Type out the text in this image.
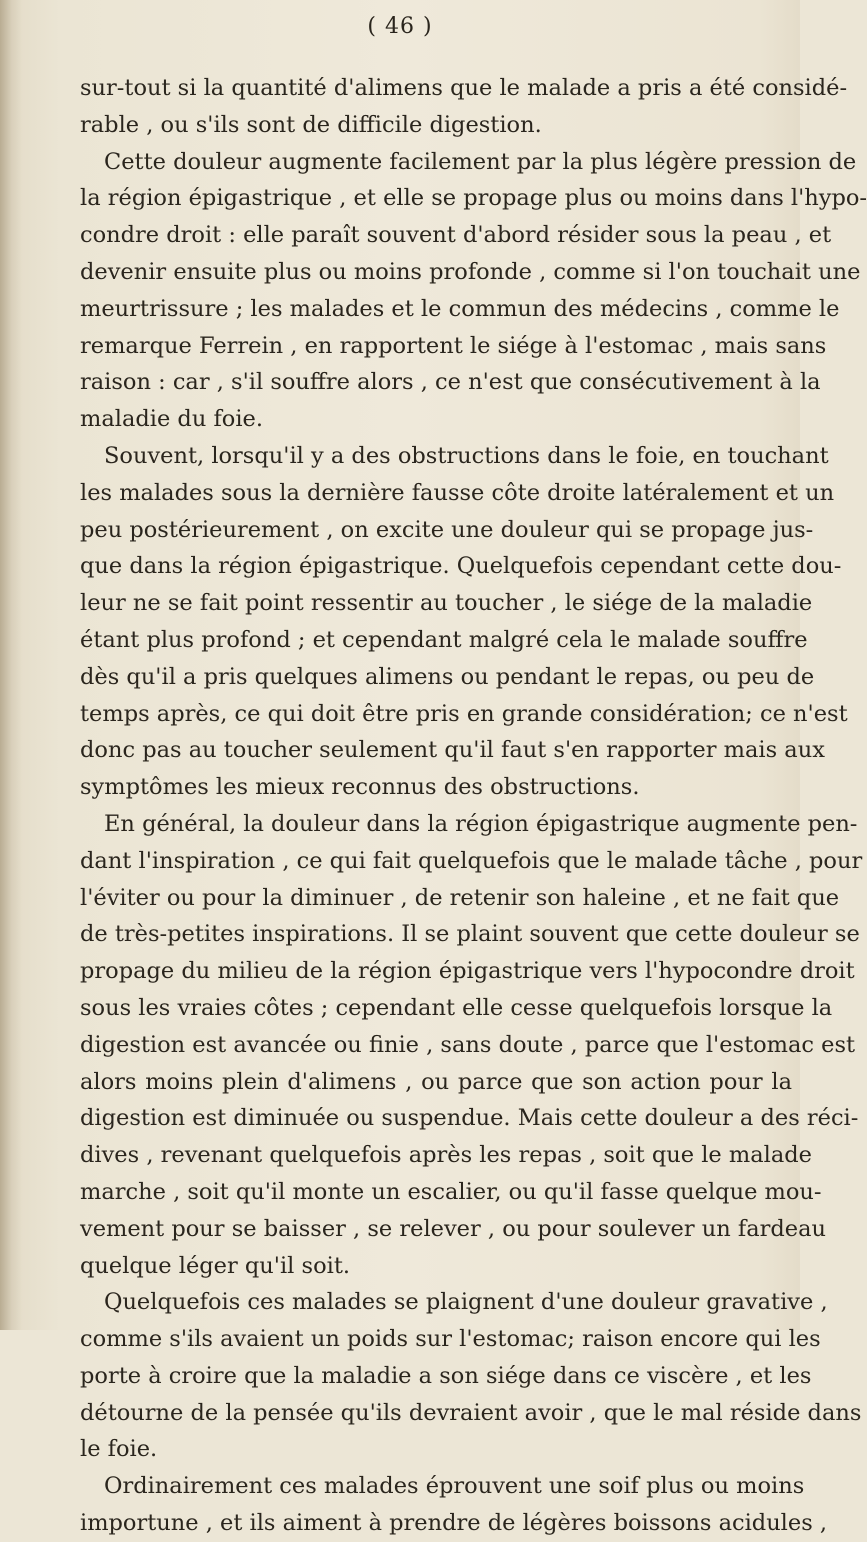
( 46 )

sur-tout si la quantité d'alimens que le malade a pris a été considé-

rable , ou s'ils sont de difficile digestion.

Cette douleur augmente facilement par la plus légère pression de

la région épigastrique , et elle se propage plus ou moins dans l'hypo-

condre droit : elle paraît souvent d'abord résider sous la peau , et

devenir ensuite plus ou moins profonde , comme si l'on touchait une

meurtrissure ; les malades et le commun des médecins , comme le

remarque Ferrein , en rapportent le siége à l'estomac , mais sans

raison : car , s'il souffre alors , ce n'est que consécutivement à la

maladie du foie.

Souvent, lorsqu'il y a des obstructions dans le foie, en touchant

les malades sous la dernière fausse côte droite latéralement et un

peu postérieurement , on excite une douleur qui se propage jus-

que dans la région épigastrique. Quelquefois cependant cette dou-

leur ne se fait point ressentir au toucher , le siége de la maladie

étant plus profond ; et cependant malgré cela le malade souffre

dès qu'il a pris quelques alimens ou pendant le repas, ou peu de

temps après, ce qui doit être pris en grande considération; ce n'est

donc pas au toucher seulement qu'il faut s'en rapporter mais aux

symptômes les mieux reconnus des obstructions.

En général, la douleur dans la région épigastrique augmente pen-

dant l'inspiration , ce qui fait quelquefois que le malade tâche , pour

l'éviter ou pour la diminuer , de retenir son haleine , et ne fait que

de très-petites inspirations. Il se plaint souvent que cette douleur se

propage du milieu de la région épigastrique vers l'hypocondre droit

sous les vraies côtes ; cependant elle cesse quelquefois lorsque la

digestion est avancée ou finie , sans doute , parce que l'estomac est

alors moins plein d'alimens , ou parce que son action pour la

digestion est diminuée ou suspendue. Mais cette douleur a des réci-

dives , revenant quelquefois après les repas , soit que le malade

marche , soit qu'il monte un escalier, ou qu'il fasse quelque mou-

vement pour se baisser , se relever , ou pour soulever un fardeau

quelque léger qu'il soit.

Quelquefois ces malades se plaignent d'une douleur gravative ,

comme s'ils avaient un poids sur l'estomac; raison encore qui les

porte à croire que la maladie a son siége dans ce viscère , et les

détourne de la pensée qu'ils devraient avoir , que le mal réside dans

le foie.

Ordinairement ces malades éprouvent une soif plus ou moins

importune , et ils aiment à prendre de légères boissons acidules ,
